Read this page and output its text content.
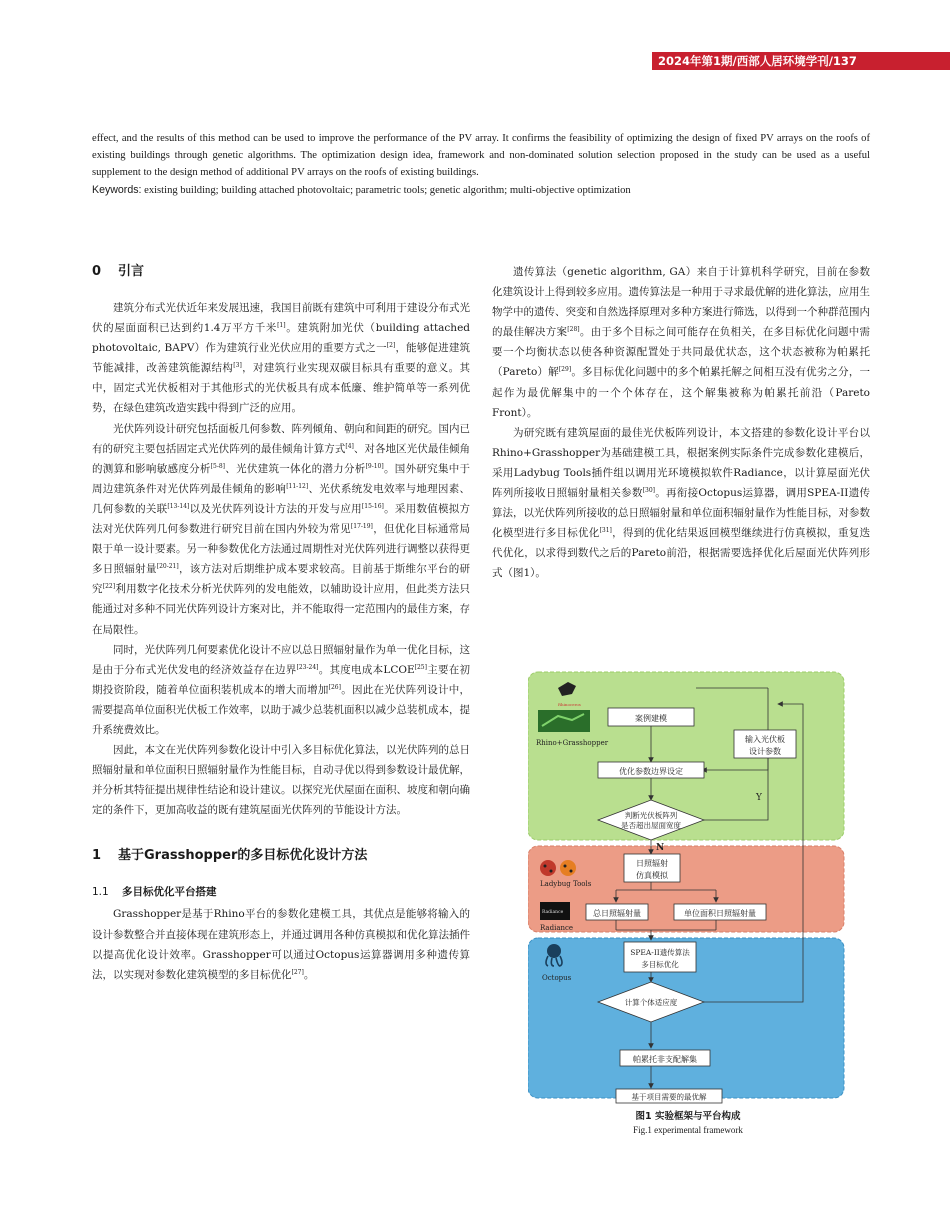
2024年第1期/西部人居环境学刊/137

effect, and the results of this method can be used to improve the performance of the PV array. It confirms the feasibility of optimizing the design of fixed PV arrays on the roofs of existing buildings through genetic algorithms. The optimization design idea, framework and non-dominated solution selection proposed in the study can be used as a useful supplement to the design method of additional PV arrays on the roofs of existing buildings.

Keywords: existing building; building attached photovoltaic; parametric tools; genetic algorithm; multi-objective optimization

0 引言

建筑分布式光伏近年来发展迅速，我国目前既有建筑中可利用于建设分布式光伏的屋面面积已达到约1.4万平方千米[1]。建筑附加光伏（building attached photovoltaic, BAPV）作为建筑行业光伏应用的重要方式之一[2]，能够促进建筑节能减排，改善建筑能源结构[3]，对建筑行业实现双碳目标具有重要的意义。其中，固定式光伏板相对于其他形式的光伏板具有成本低廉、维护简单等一系列优势，在绿色建筑改造实践中得到广泛的应用。

光伏阵列设计研究包括面板几何参数、阵列倾角、朝向和间距的研究。国内已有的研究主要包括固定式光伏阵列的最佳倾角计算方式[4]、对各地区光伏最佳倾角的测算和影响敏感度分析[5-8]、光伏建筑一体化的潜力分析[9-10]。国外研究集中于周边建筑条件对光伏阵列最佳倾角的影响[11-12]、光伏系统发电效率与地理因素、几何参数的关联[13-14]以及光伏阵列设计方法的开发与应用[15-16]。采用数值模拟方法对光伏阵列几何参数进行研究目前在国内外较为常见[17-19]，但优化目标通常局限于单一设计要素。另一种参数优化方法通过周期性对光伏阵列进行调整以获得更多日照辐射量[20-21]，该方法对后期维护成本要求较高。目前基于斯维尔平台的研究[22]利用数字化技术分析光伏阵列的发电能效，以辅助设计应用，但此类方法只能通过对多种不同光伏阵列设计方案对比，并不能取得一定范围内的最佳方案，存在局限性。

同时，光伏阵列几何要素优化设计不应以总日照辐射量作为单一优化目标，这是由于分布式光伏发电的经济效益存在边界[23-24]。其度电成本LCOE[25]主要在初期投资阶段，随着单位面积装机成本的增大而增加[26]。因此在光伏阵列设计中，需要提高单位面积光伏板工作效率，以助于减少总装机面积以减少总装机成本，提升系统费效比。

因此，本文在光伏阵列参数化设计中引入多目标优化算法，以光伏阵列的总日照辐射量和单位面积日照辐射量作为性能目标，自动寻优以得到参数设计最优解，并分析其特征提出规律性结论和设计建议。以探究光伏屋面在面积、坡度和朝向确定的条件下，更加高收益的既有建筑屋面光伏阵列的节能设计方法。

1 基于Grasshopper的多目标优化设计方法
1.1 多目标优化平台搭建

Grasshopper是基于Rhino平台的参数化建模工具，其优点是能够将输入的设计参数整合并直接体现在建筑形态上，并通过调用各种仿真模拟和优化算法插件以提高优化设计效率。Grasshopper可以通过Octopus运算器调用多种遗传算法，以实现对参数化建筑模型的多目标优化[27]。

遗传算法（genetic algorithm, GA）来自于计算机科学研究，目前在参数化建筑设计上得到较多应用。遗传算法是一种用于寻求最优解的进化算法，应用生物学中的遗传、突变和自然选择原理对多种方案进行筛选，以得到一个种群范围内的最佳解决方案[28]。由于多个目标之间可能存在负相关，在多目标优化问题中需要一个均衡状态以使各种资源配置处于共同最优状态，这个状态被称为帕累托（Pareto）解[29]。多目标优化问题中的多个帕累托解之间相互没有优劣之分，一起作为最优解集中的一个个体存在，这个解集被称为帕累托前沿（Pareto Front）。

为研究既有建筑屋面的最佳光伏板阵列设计，本文搭建的参数化设计平台以Rhino+Grasshopper为基础建模工具，根据案例实际条件完成参数化建模后，采用Ladybug Tools插件组以调用光环境模拟软件Radiance，以计算屋面光伏阵列所接收日照辐射量相关参数[30]。再衔接Octopus运算器，调用SPEA-II遗传算法，以光伏阵列所接收的总日照辐射量和单位面积辐射量作为性能目标，对参数化模型进行多目标优化[31]，得到的优化结果返回模型继续进行仿真模拟，重复迭代优化，以求得到数代之后的Pareto前沿，根据需要选择优化后屋面光伏阵列形式（图1）。

Rhinoceros
Rhino+Grasshopper
Ladybug Tools
Radiance
Radiance
Octopus
案例建模
输入光伏板
设计参数
优化参数边界设定
判断光伏板阵列
是否超出屋面宽度
Y
N
日照辐射
仿真模拟
总日照辐射量	单位面积日照辐射量
SPEA-II遗传算法
多目标优化
计算个体适应度
帕累托非支配解集
基于项目需要的最优解
图1 实验框架与平台构成
Fig.1 experimental framework
